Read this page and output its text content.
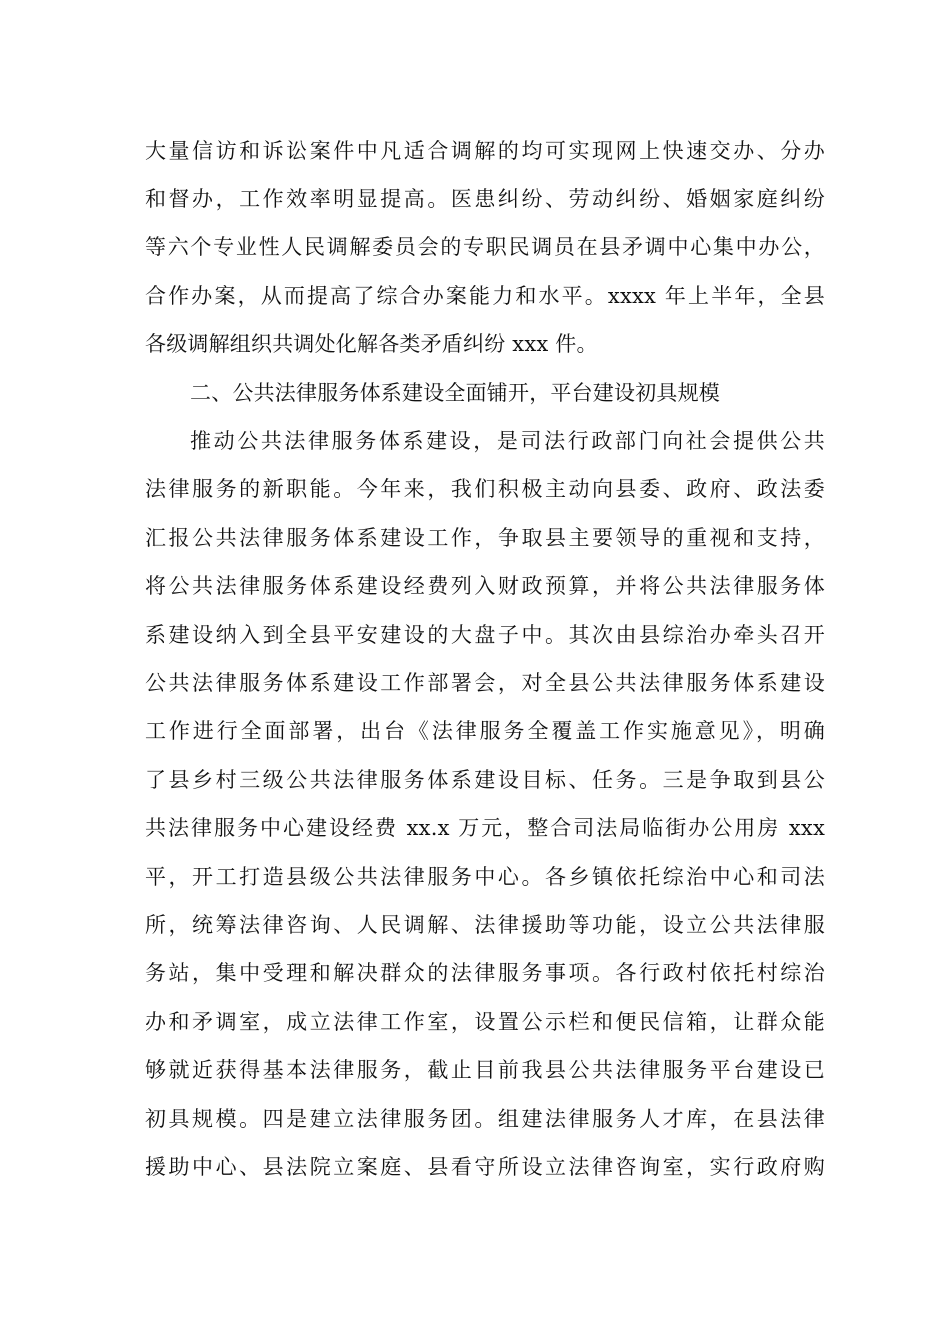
大量信访和诉讼案件中凡适合调解的均可实现网上快速交办、分办
和督办，工作效率明显提高。医患纠纷、劳动纠纷、婚姻家庭纠纷
等六个专业性人民调解委员会的专职民调员在县矛调中心集中办公，
合作办案，从而提高了综合办案能力和水平。xxxx 年上半年，全县
各级调解组织共调处化解各类矛盾纠纷 xxx 件。
二、公共法律服务体系建设全面铺开，平台建设初具规模
推动公共法律服务体系建设，是司法行政部门向社会提供公共
法律服务的新职能。今年来，我们积极主动向县委、政府、政法委
汇报公共法律服务体系建设工作，争取县主要领导的重视和支持，
将公共法律服务体系建设经费列入财政预算，并将公共法律服务体
系建设纳入到全县平安建设的大盘子中。其次由县综治办牵头召开
公共法律服务体系建设工作部署会，对全县公共法律服务体系建设
工作进行全面部署，出台《法律服务全覆盖工作实施意见》，明确
了县乡村三级公共法律服务体系建设目标、任务。三是争取到县公
共法律服务中心建设经费 xx.x 万元，整合司法局临街办公用房 xxx
平，开工打造县级公共法律服务中心。各乡镇依托综治中心和司法
所，统筹法律咨询、人民调解、法律援助等功能，设立公共法律服
务站，集中受理和解决群众的法律服务事项。各行政村依托村综治
办和矛调室，成立法律工作室，设置公示栏和便民信箱，让群众能
够就近获得基本法律服务，截止目前我县公共法律服务平台建设已
初具规模。四是建立法律服务团。组建法律服务人才库，在县法律
援助中心、县法院立案庭、县看守所设立法律咨询室，实行政府购
